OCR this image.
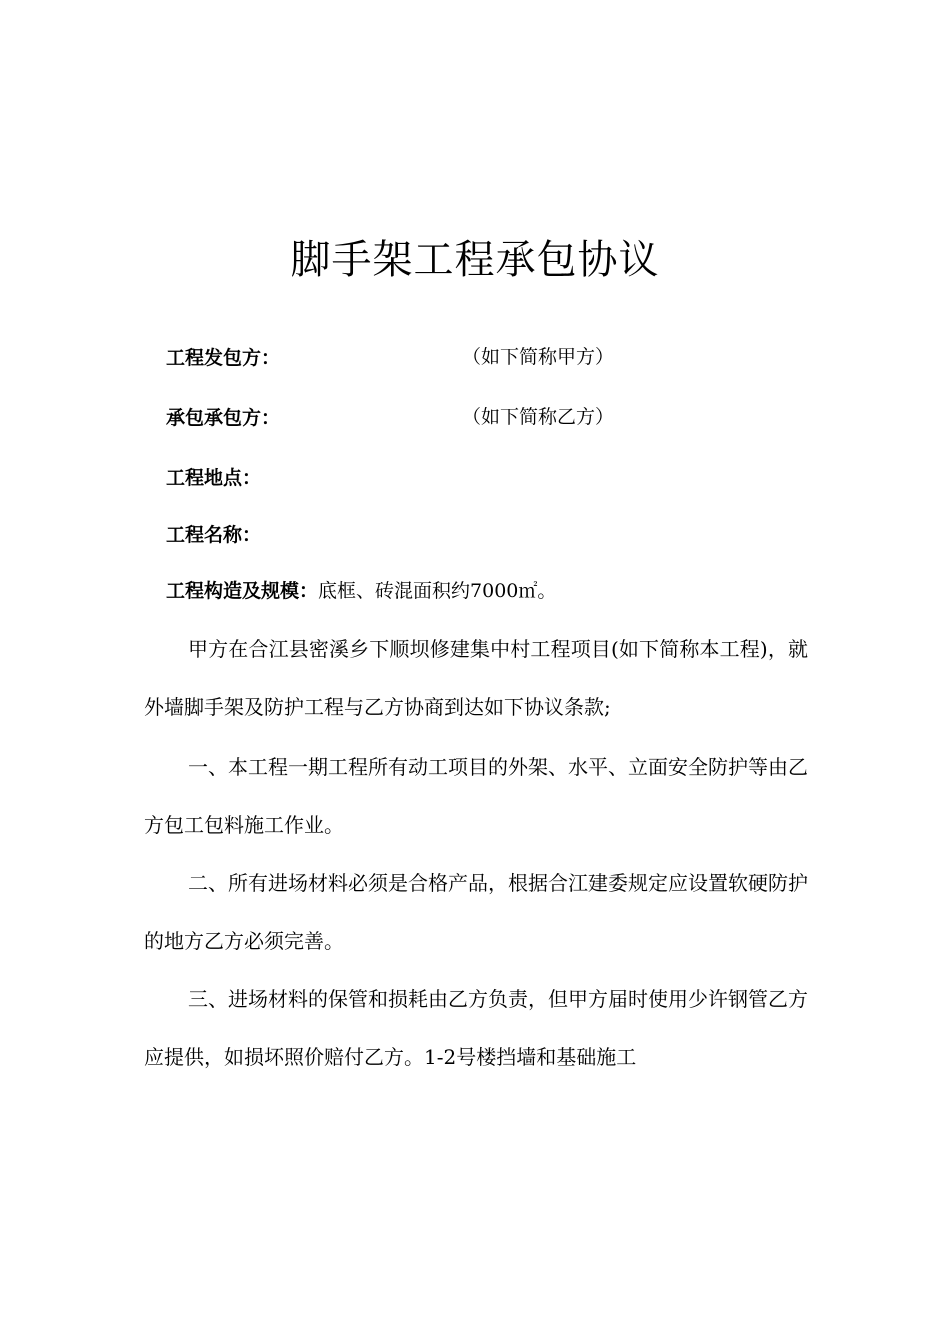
脚手架工程承包协议
工程发包方：	（如下简称甲方）
承包承包方：	（如下简称乙方）
工程地点：
工程名称：
工程构造及规模：底框、砖混面积约7000㎡。
甲方在合江县密溪乡下顺坝修建集中村工程项目(如下简称本工程)，就外墙脚手架及防护工程与乙方协商到达如下协议条款;
一、本工程一期工程所有动工项目的外架、水平、立面安全防护等由乙方包工包料施工作业。
二、所有进场材料必须是合格产品，根据合江建委规定应设置软硬防护的地方乙方必须完善。
三、进场材料的保管和损耗由乙方负责，但甲方届时使用少许钢管乙方应提供，如损坏照价赔付乙方。1-2号楼挡墙和基础施工
